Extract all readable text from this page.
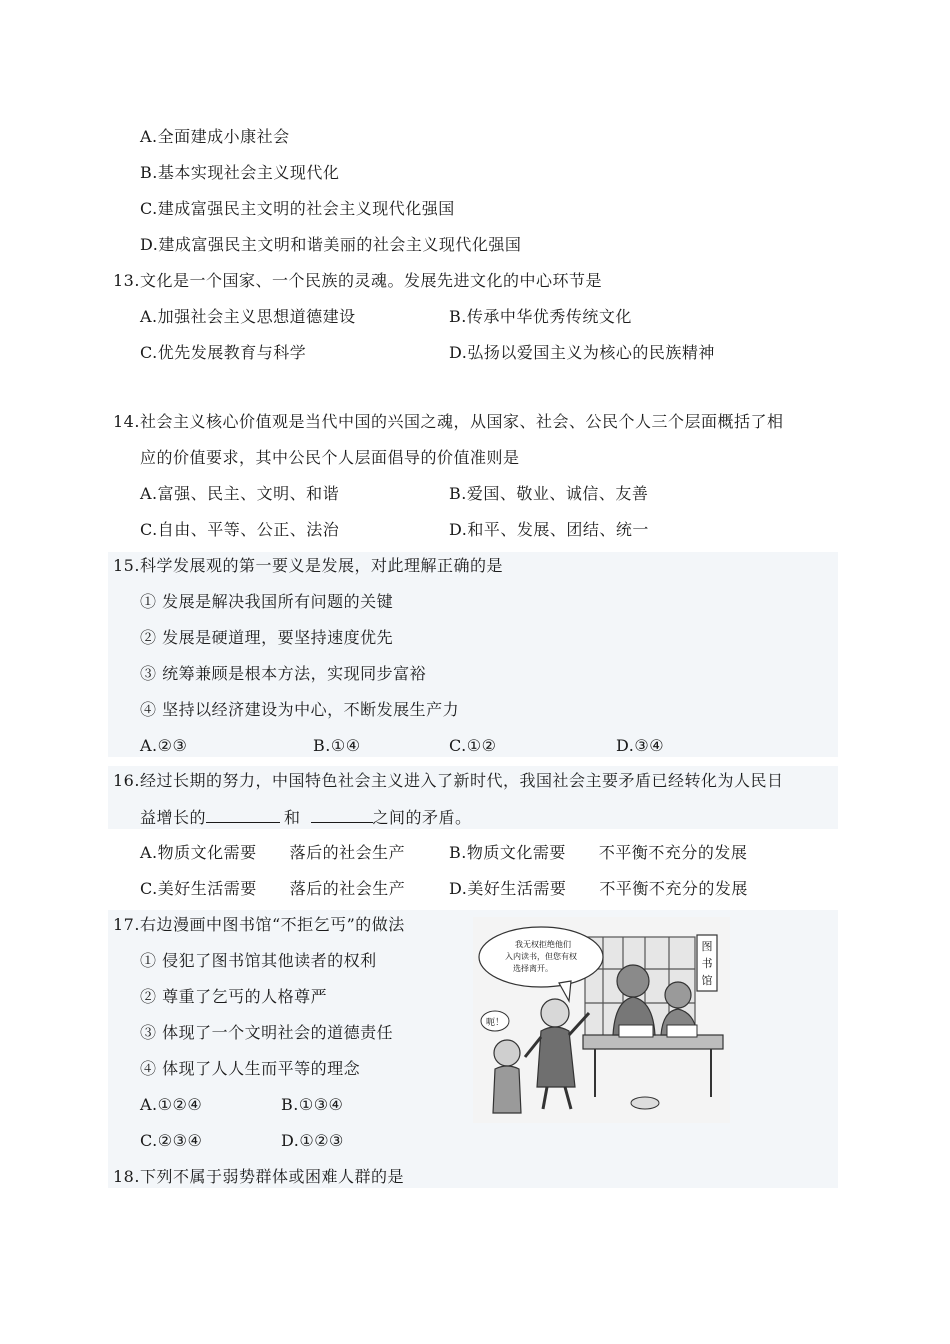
A.全面建成小康社会
B.基本实现社会主义现代化
C.建成富强民主文明的社会主义现代化强国
D.建成富强民主文明和谐美丽的社会主义现代化强国
13.文化是一个国家、一个民族的灵魂。发展先进文化的中心环节是
A.加强社会主义思想道德建设	B.传承中华优秀传统文化
C.优先发展教育与科学	D.弘扬以爱国主义为核心的民族精神
14.社会主义核心价值观是当代中国的兴国之魂，从国家、社会、公民个人三个层面概括了相
应的价值要求，其中公民个人层面倡导的价值准则是
A.富强、民主、文明、和谐	B.爱国、敬业、诚信、友善
C.自由、平等、公正、法治	D.和平、发展、团结、统一
15.科学发展观的第一要义是发展，对此理解正确的是
① 发展是解决我国所有问题的关键
② 发展是硬道理，要坚持速度优先
③ 统筹兼顾是根本方法，实现同步富裕
④ 坚持以经济建设为中心，不断发展生产力
A.②③	B.①④	C.①②	D.③④
16.经过长期的努力，中国特色社会主义进入了新时代，我国社会主要矛盾已经转化为人民日
益增长的	和	之间的矛盾。
A.物质文化需要　　落后的社会生产	B.物质文化需要　　不平衡不充分的发展
C.美好生活需要　　落后的社会生产	D.美好生活需要　　不平衡不充分的发展
17.右边漫画中图书馆“不拒乞丐”的做法
① 侵犯了图书馆其他读者的权利
② 尊重了乞丐的人格尊严
③ 体现了一个文明社会的道德责任
④ 体现了人人生而平等的理念
A.①②④	B.①③④
C.②③④	D.①②③
图
书
馆
我无权拒绝他们
入内读书，但您有权
选择离开。
呃！
18.下列不属于弱势群体或困难人群的是
